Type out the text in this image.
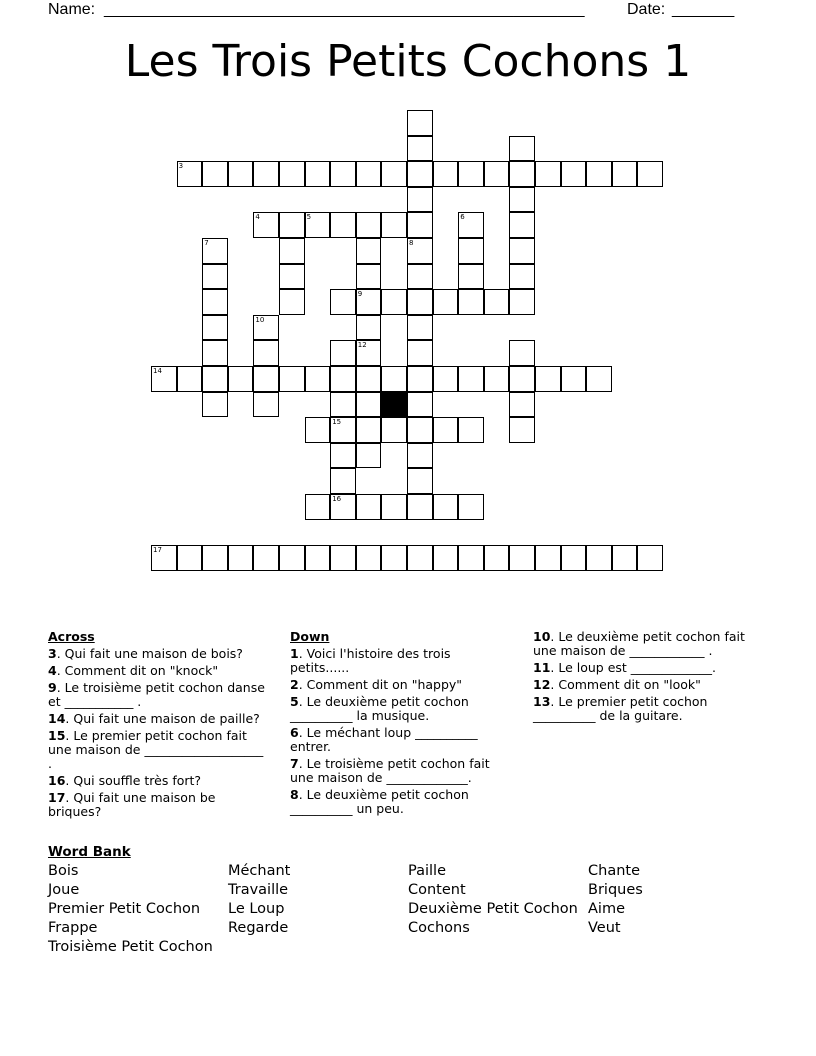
Name: ______________________________________________________	Date: _______
Les Trois Petits Cochons 1
8
3
4	5	6
7
9
12
10
15
14
16
17
Across
3. Qui fait une maison de bois?
4. Comment dit on "knock"
9. Le troisième petit cochon danse et ___________ .
14. Qui fait une maison de paille?
15. Le premier petit cochon fait une maison de ___________________ .
16. Qui souffle très fort?
17. Qui fait une maison be briques?
Down
1. Voici l'histoire des trois petits......
2. Comment dit on "happy"
5. Le deuxième petit cochon __________ la musique.
6. Le méchant loup __________ entrer.
7. Le troisième petit cochon fait une maison de _____________.
8. Le deuxième petit cochon __________ un peu.
10. Le deuxième petit cochon fait une maison de ____________ .
11. Le loup est _____________.
12. Comment dit on "look"
13. Le premier petit cochon __________ de la guitare.
Word Bank
Bois
Joue
Premier Petit Cochon
Frappe
Troisième Petit Cochon
Méchant
Travaille
Le Loup
Regarde
Paille
Content
Deuxième Petit Cochon
Cochons
Chante
Briques
Aime
Veut
